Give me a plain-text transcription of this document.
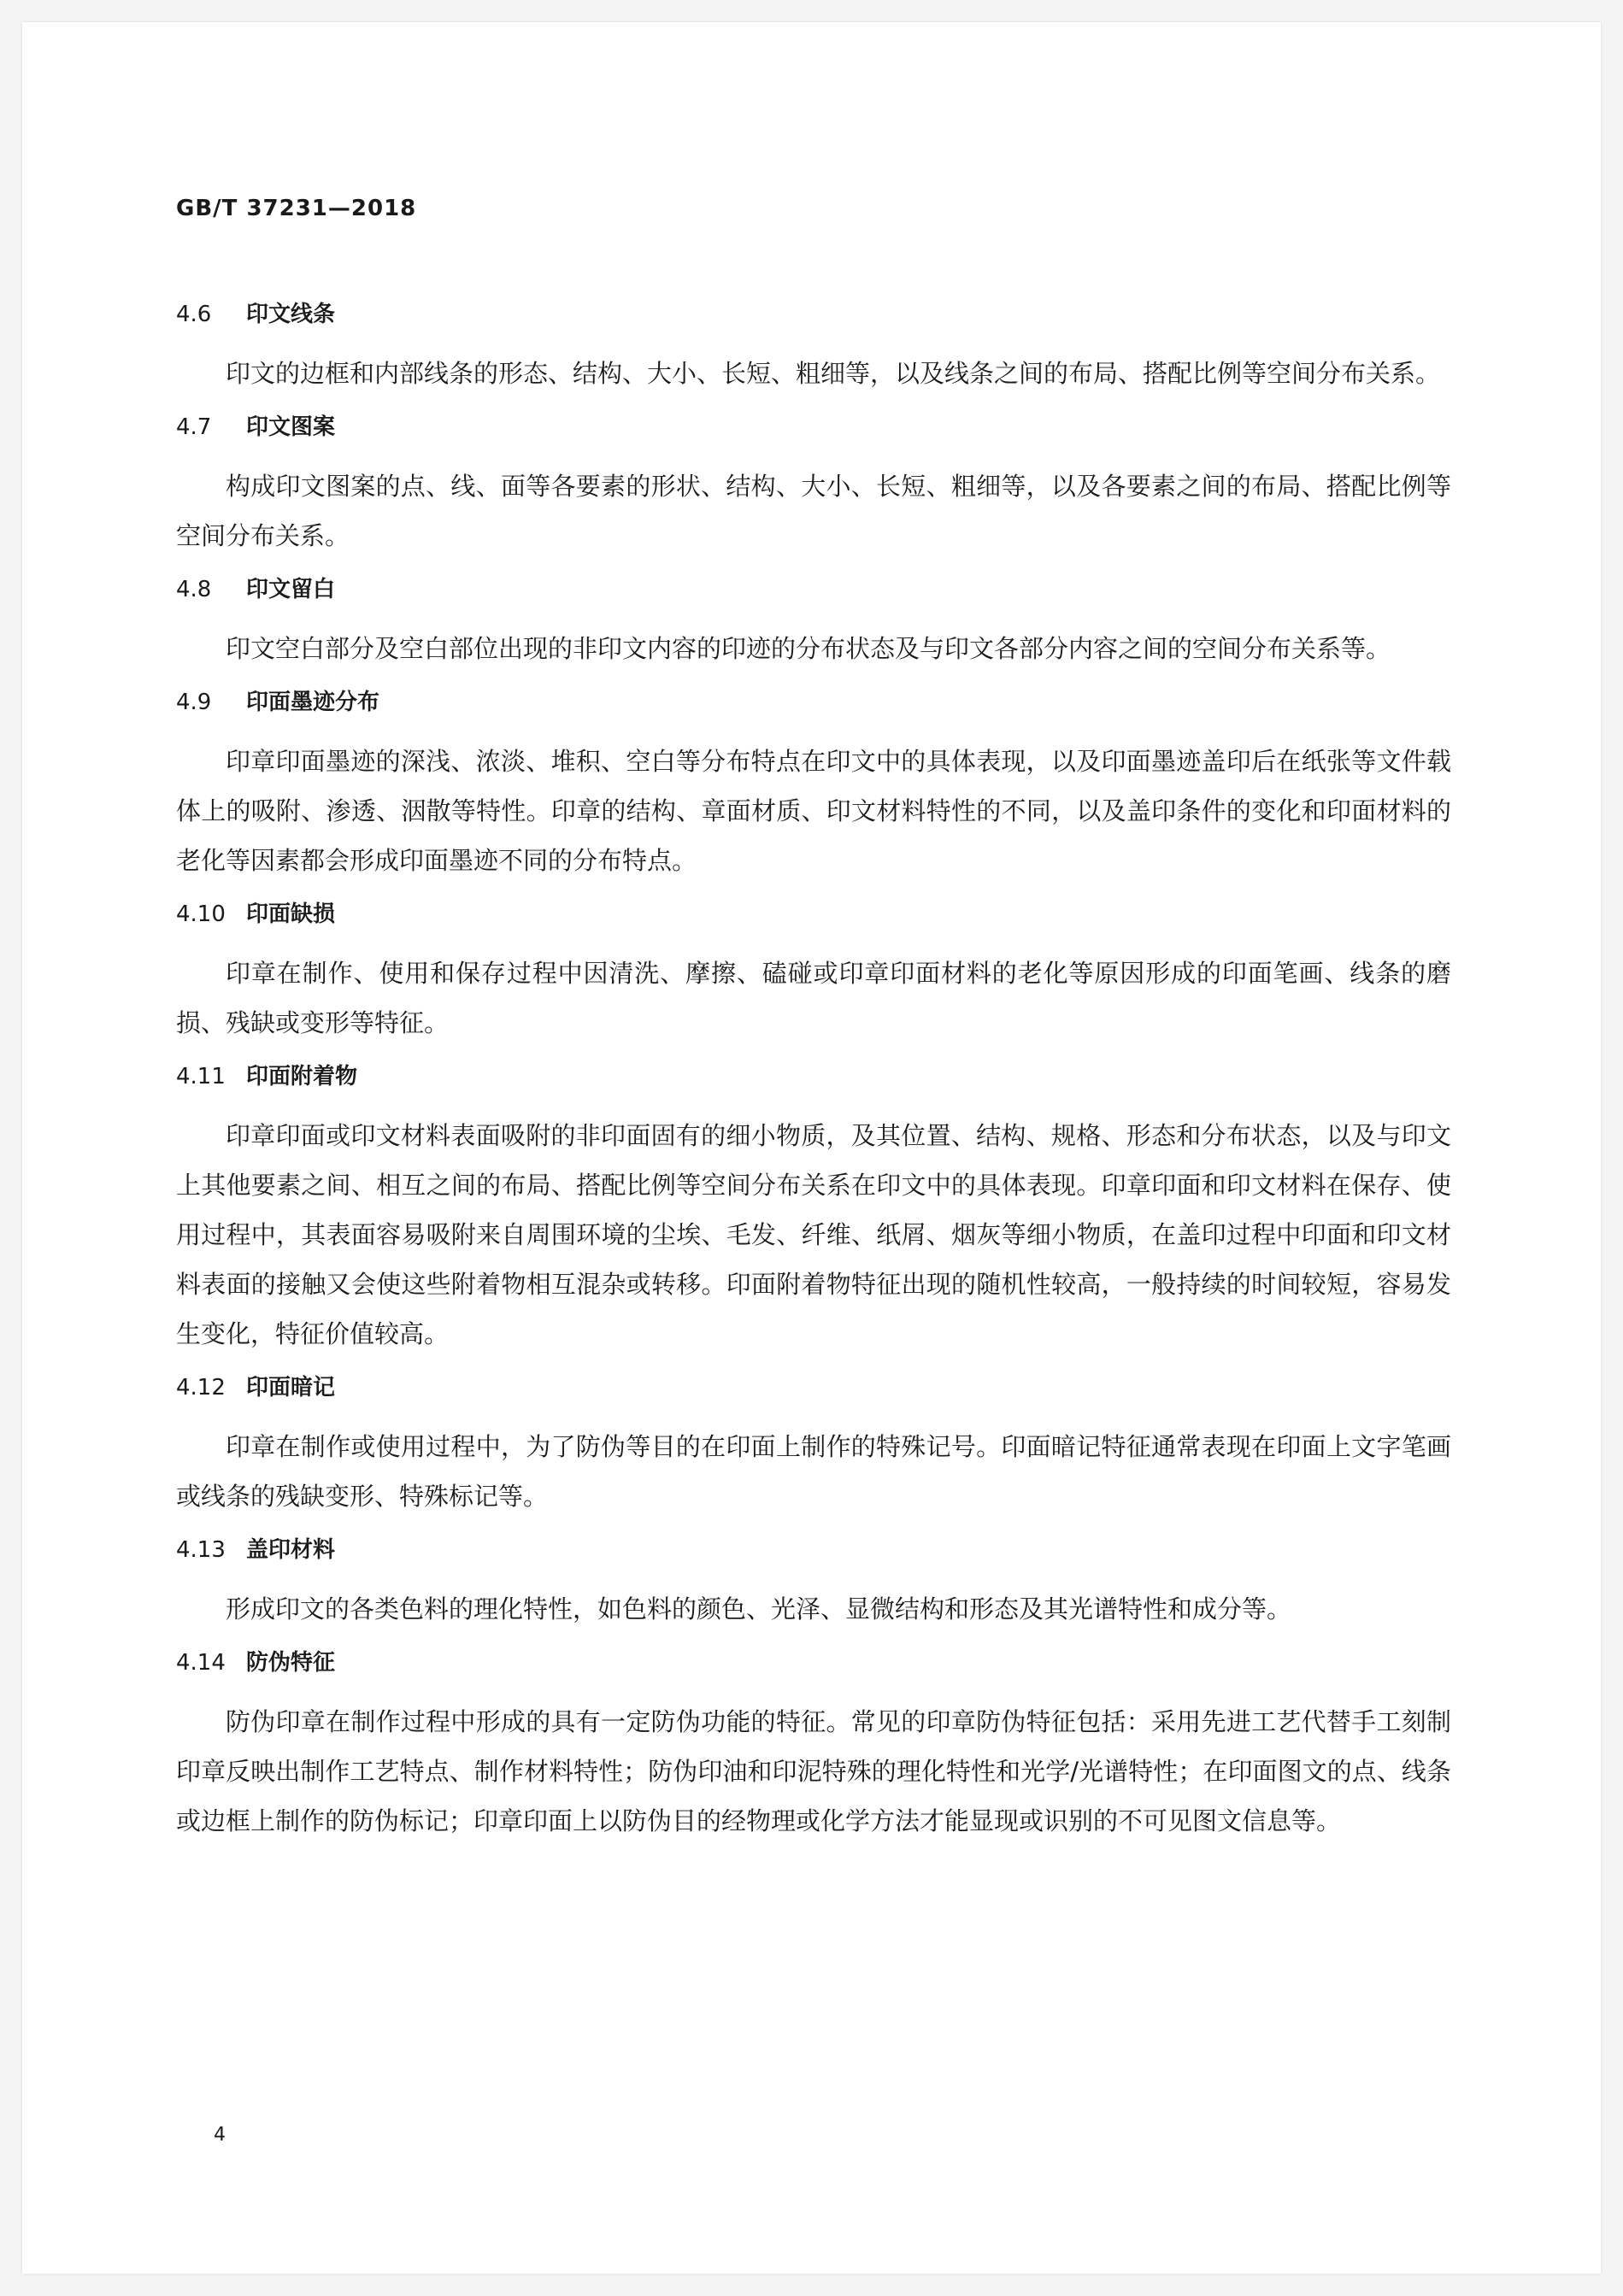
GB/T 37231—2018
4.6 印文线条

印文的边框和内部线条的形态、结构、大小、长短、粗细等，以及线条之间的布局、搭配比例等空间分布关系。

4.7 印文图案

构成印文图案的点、线、面等各要素的形状、结构、大小、长短、粗细等，以及各要素之间的布局、搭配比例等空间分布关系。

4.8 印文留白

印文空白部分及空白部位出现的非印文内容的印迹的分布状态及与印文各部分内容之间的空间分布关系等。

4.9 印面墨迹分布

印章印面墨迹的深浅、浓淡、堆积、空白等分布特点在印文中的具体表现，以及印面墨迹盖印后在纸张等文件载体上的吸附、渗透、洇散等特性。印章的结构、章面材质、印文材料特性的不同，以及盖印条件的变化和印面材料的老化等因素都会形成印面墨迹不同的分布特点。

4.10 印面缺损

印章在制作、使用和保存过程中因清洗、摩擦、磕碰或印章印面材料的老化等原因形成的印面笔画、线条的磨损、残缺或变形等特征。

4.11 印面附着物

印章印面或印文材料表面吸附的非印面固有的细小物质，及其位置、结构、规格、形态和分布状态，以及与印文上其他要素之间、相互之间的布局、搭配比例等空间分布关系在印文中的具体表现。印章印面和印文材料在保存、使用过程中，其表面容易吸附来自周围环境的尘埃、毛发、纤维、纸屑、烟灰等细小物质，在盖印过程中印面和印文材料表面的接触又会使这些附着物相互混杂或转移。印面附着物特征出现的随机性较高，一般持续的时间较短，容易发生变化，特征价值较高。

4.12 印面暗记

印章在制作或使用过程中，为了防伪等目的在印面上制作的特殊记号。印面暗记特征通常表现在印面上文字笔画或线条的残缺变形、特殊标记等。

4.13 盖印材料

形成印文的各类色料的理化特性，如色料的颜色、光泽、显微结构和形态及其光谱特性和成分等。

4.14 防伪特征

防伪印章在制作过程中形成的具有一定防伪功能的特征。常见的印章防伪特征包括：采用先进工艺代替手工刻制印章反映出制作工艺特点、制作材料特性；防伪印油和印泥特殊的理化特性和光学/光谱特性；在印面图文的点、线条或边框上制作的防伪标记；印章印面上以防伪目的经物理或化学方法才能显现或识别的不可见图文信息等。

4
